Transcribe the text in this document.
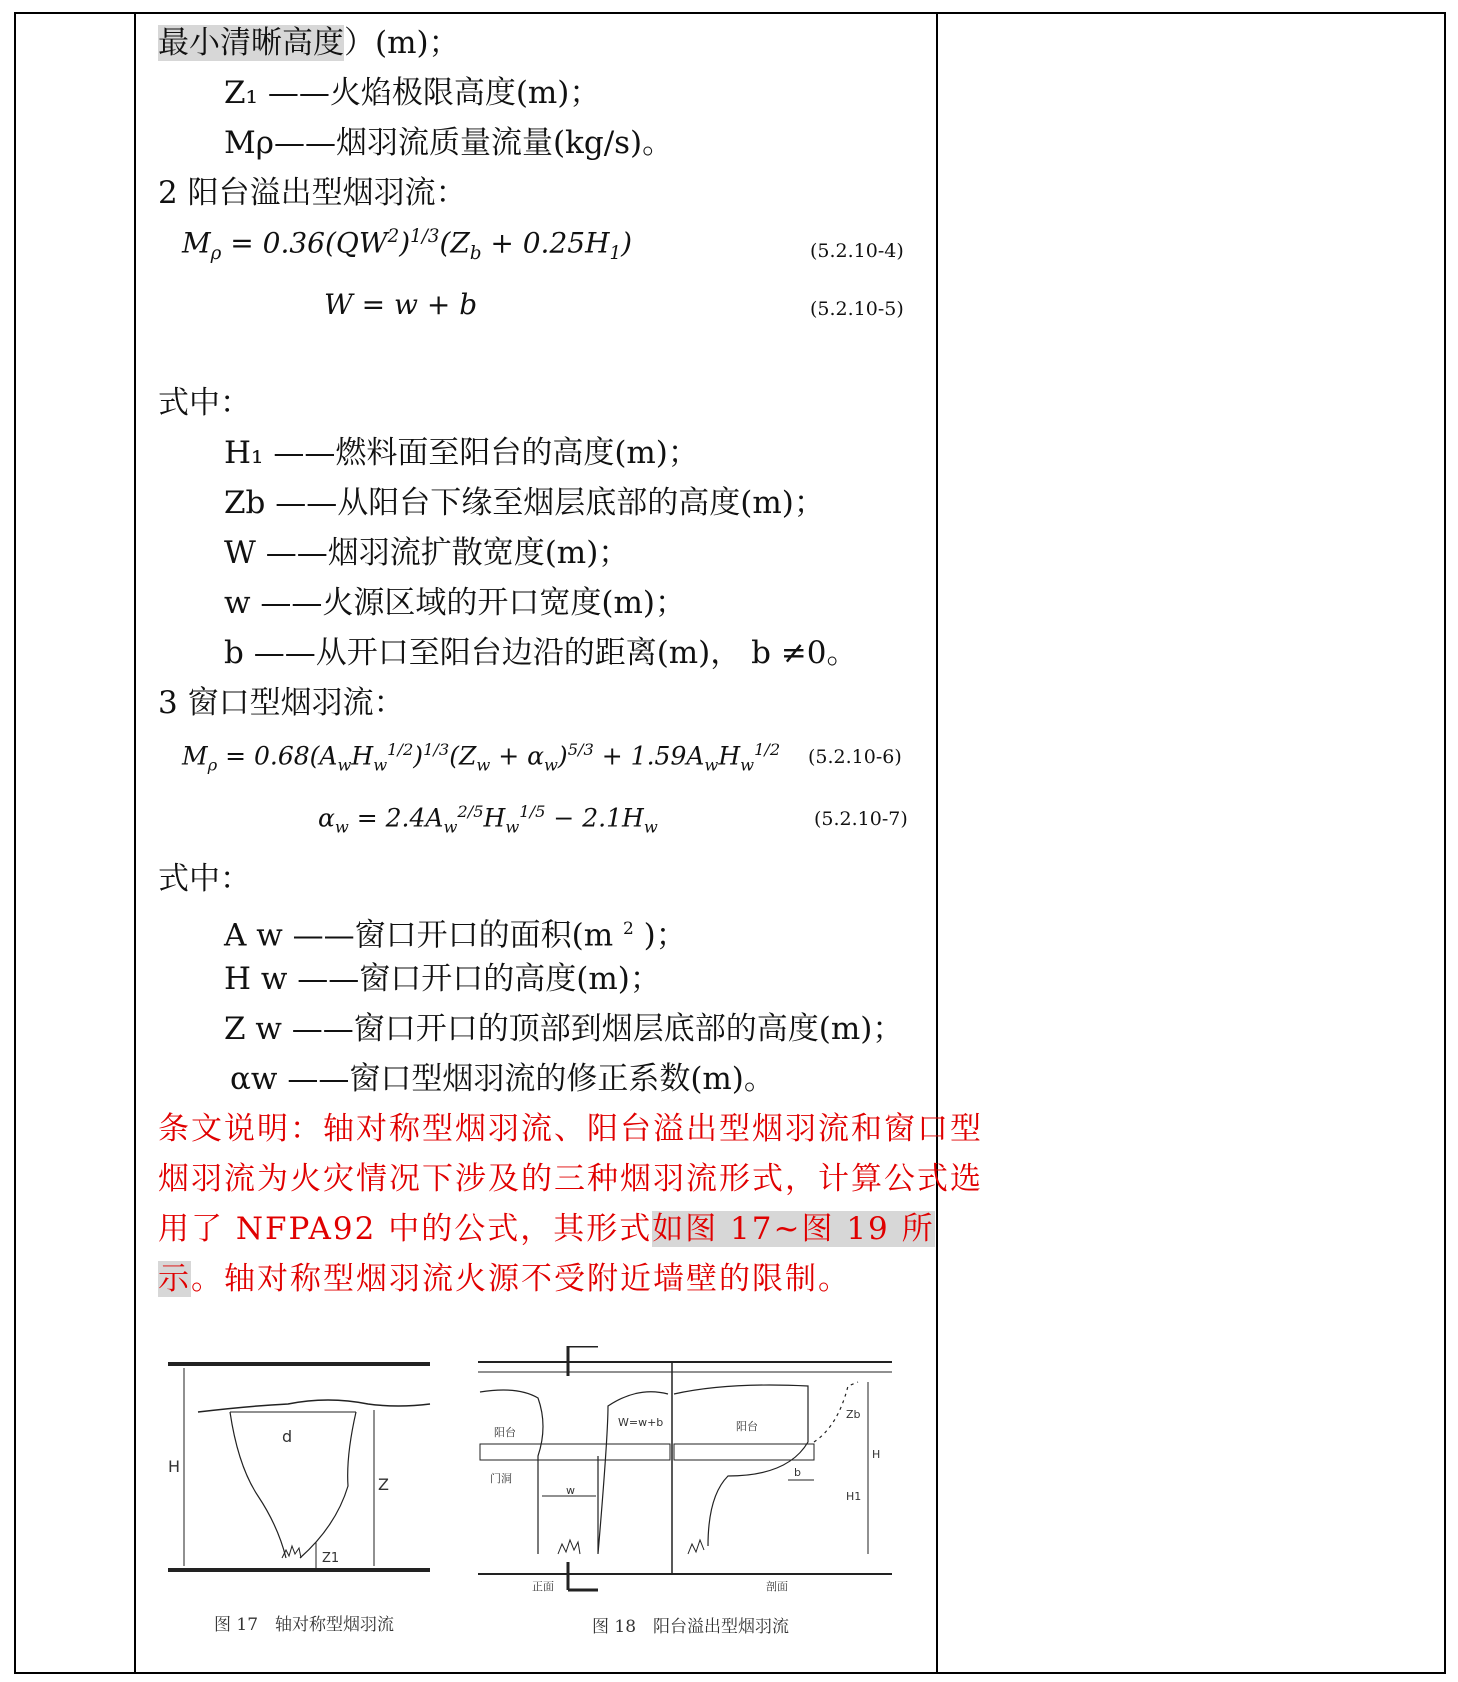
最小清晰高度）(m)；
Z₁ ——火焰极限高度(m)；
Mρ——烟羽流质量流量(kg/s)。
2 阳台溢出型烟羽流：
$M_\rho = 0.36(QW^2)^{1/3}(Z_b + 0.25H_1)$	(5.2.10-4)
W = w + b	(5.2.10-5)
式中：
H₁ ——燃料面至阳台的高度(m)；
Zb ——从阳台下缘至烟层底部的高度(m)；
W ——烟羽流扩散宽度(m)；
w ——火源区域的开口宽度(m)；
b ——从开口至阳台边沿的距离(m)， b ≠0。
3 窗口型烟羽流：
$M_\rho = 0.68(A_wH_w^{1/2})^{1/3}(Z_w + \alpha_w)^{5/3} + 1.59A_wH_w^{1/2}$ (5.2.10-6)
$\alpha_w = 2.4A_w^{2/5}H_w^{1/5} - 2.1H_w$	(5.2.10-7)
式中：
A w ——窗口开口的面积(m $^2$ )；
H w ——窗口开口的高度(m)；
Z w ——窗口开口的顶部到烟层底部的高度(m)；
αw ——窗口型烟羽流的修正系数(m)。
条文说明：轴对称型烟羽流、阳台溢出型烟羽流和窗口型烟羽流为火灾情况下涉及的三种烟羽流形式，计算公式选用了 NFPA92 中的公式，其形式如图 17~图 19 所示。轴对称型烟羽流火源不受附近墙壁的限制。
H
d
Z
Z1
阳台	阳台
W=w+b
门洞
w
b
Zb
H
H1
正面	剖面
图 17　轴对称型烟羽流	图 18　阳台溢出型烟羽流
